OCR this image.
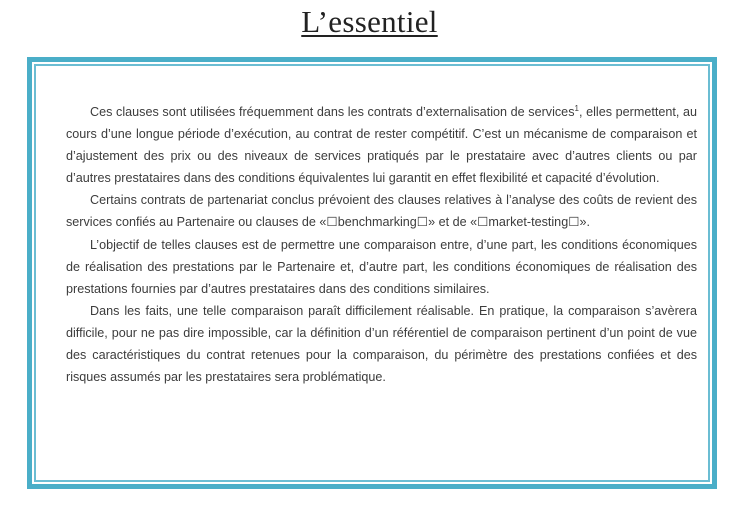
L’essentiel

Ces clauses sont utilisées fréquemment dans les contrats d’externalisation de services$^1$, elles permettent, au cours d’une longue période d’exécution, au contrat de rester compétitif. C’est un mécanisme de comparaison et d’ajustement des prix ou des niveaux de services pratiqués par le prestataire avec d’autres clients ou par d’autres prestataires dans des conditions équivalentes lui garantit en effet flexibilité et capacité d’évolution.

Certains contrats de partenariat conclus prévoient des clauses relatives à l’analyse des coûts de revient des services confiés au Partenaire ou clauses de «☐benchmarking☐» et de «☐market-testing☐».

L’objectif de telles clauses est de permettre une comparaison entre, d’une part, les conditions économiques de réalisation des prestations par le Partenaire et, d’autre part, les conditions économiques de réalisation des prestations fournies par d’autres prestataires dans des conditions similaires.

Dans les faits, une telle comparaison paraît difficilement réalisable. En pratique, la comparaison s’avèrera difficile, pour ne pas dire impossible, car la définition d’un référentiel de comparaison pertinent d’un point de vue des caractéristiques du contrat retenues pour la comparaison, du périmètre des prestations confiées et des risques assumés par les prestataires sera problématique.
